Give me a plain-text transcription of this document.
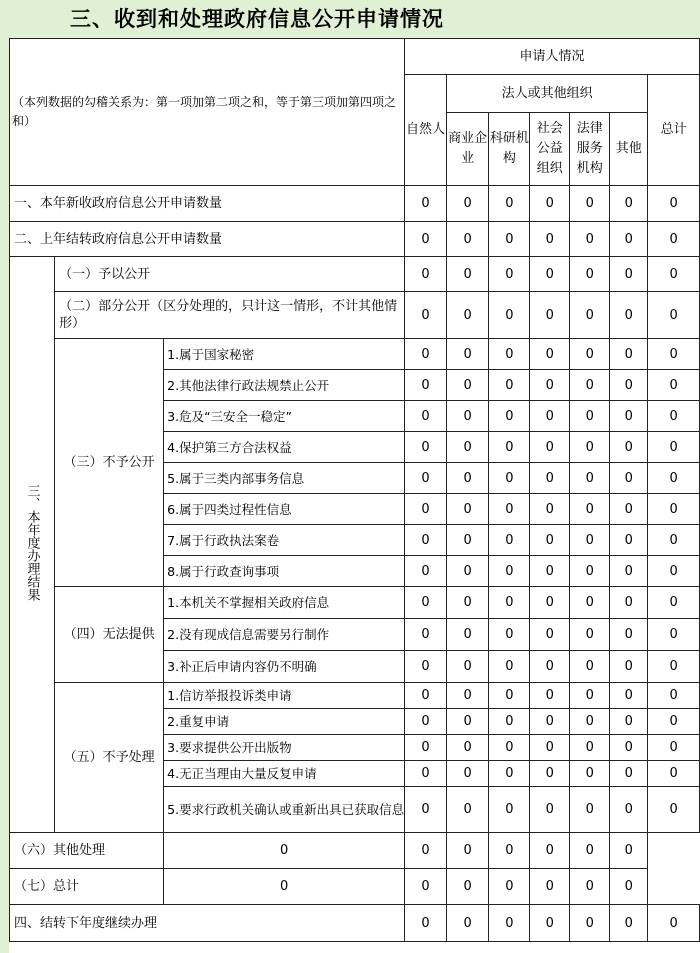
三、收到和处理政府信息公开申请情况
（本列数据的勾稽关系为：第一项加第二项之和，等于第三项加第四项之和）			申请人情况						
			自然人	法人或其他组织					总计
				商业企业	科研机构	社会公益组织	法律服务机构	其他	
一、本年新收政府信息公开申请数量			0	0	0	0	0	0	0
二、上年结转政府信息公开申请数量			0	0	0	0	0	0	0
三、本年度办理结果	（一）予以公开		0	0	0	0	0	0	0
	（二）部分公开（区分处理的，只计这一情形，不计其他情形）		0	0	0	0	0	0	0
	（三）不予公开	1.属于国家秘密	0	0	0	0	0	0	0
		2.其他法律行政法规禁止公开	0	0	0	0	0	0	0
		3.危及“三安全一稳定”	0	0	0	0	0	0	0
		4.保护第三方合法权益	0	0	0	0	0	0	0
		5.属于三类内部事务信息	0	0	0	0	0	0	0
		6.属于四类过程性信息	0	0	0	0	0	0	0
		7.属于行政执法案卷	0	0	0	0	0	0	0
		8.属于行政查询事项	0	0	0	0	0	0	0
	（四）无法提供	1.本机关不掌握相关政府信息	0	0	0	0	0	0	0
		2.没有现成信息需要另行制作	0	0	0	0	0	0	0
		3.补正后申请内容仍不明确	0	0	0	0	0	0	0
	（五）不予处理	1.信访举报投诉类申请	0	0	0	0	0	0	0
		2.重复申请	0	0	0	0	0	0	0
		3.要求提供公开出版物	0	0	0	0	0	0	0
		4.无正当理由大量反复申请	0	0	0	0	0	0	0
		5.要求行政机关确认或重新出具已获取信息	0	0	0	0	0	0	0
（六）其他处理		0	0	0	0	0	0	0	
（七）总计		0	0	0	0	0	0	0	
四、结转下年度继续办理			0	0	0	0	0	0	0
